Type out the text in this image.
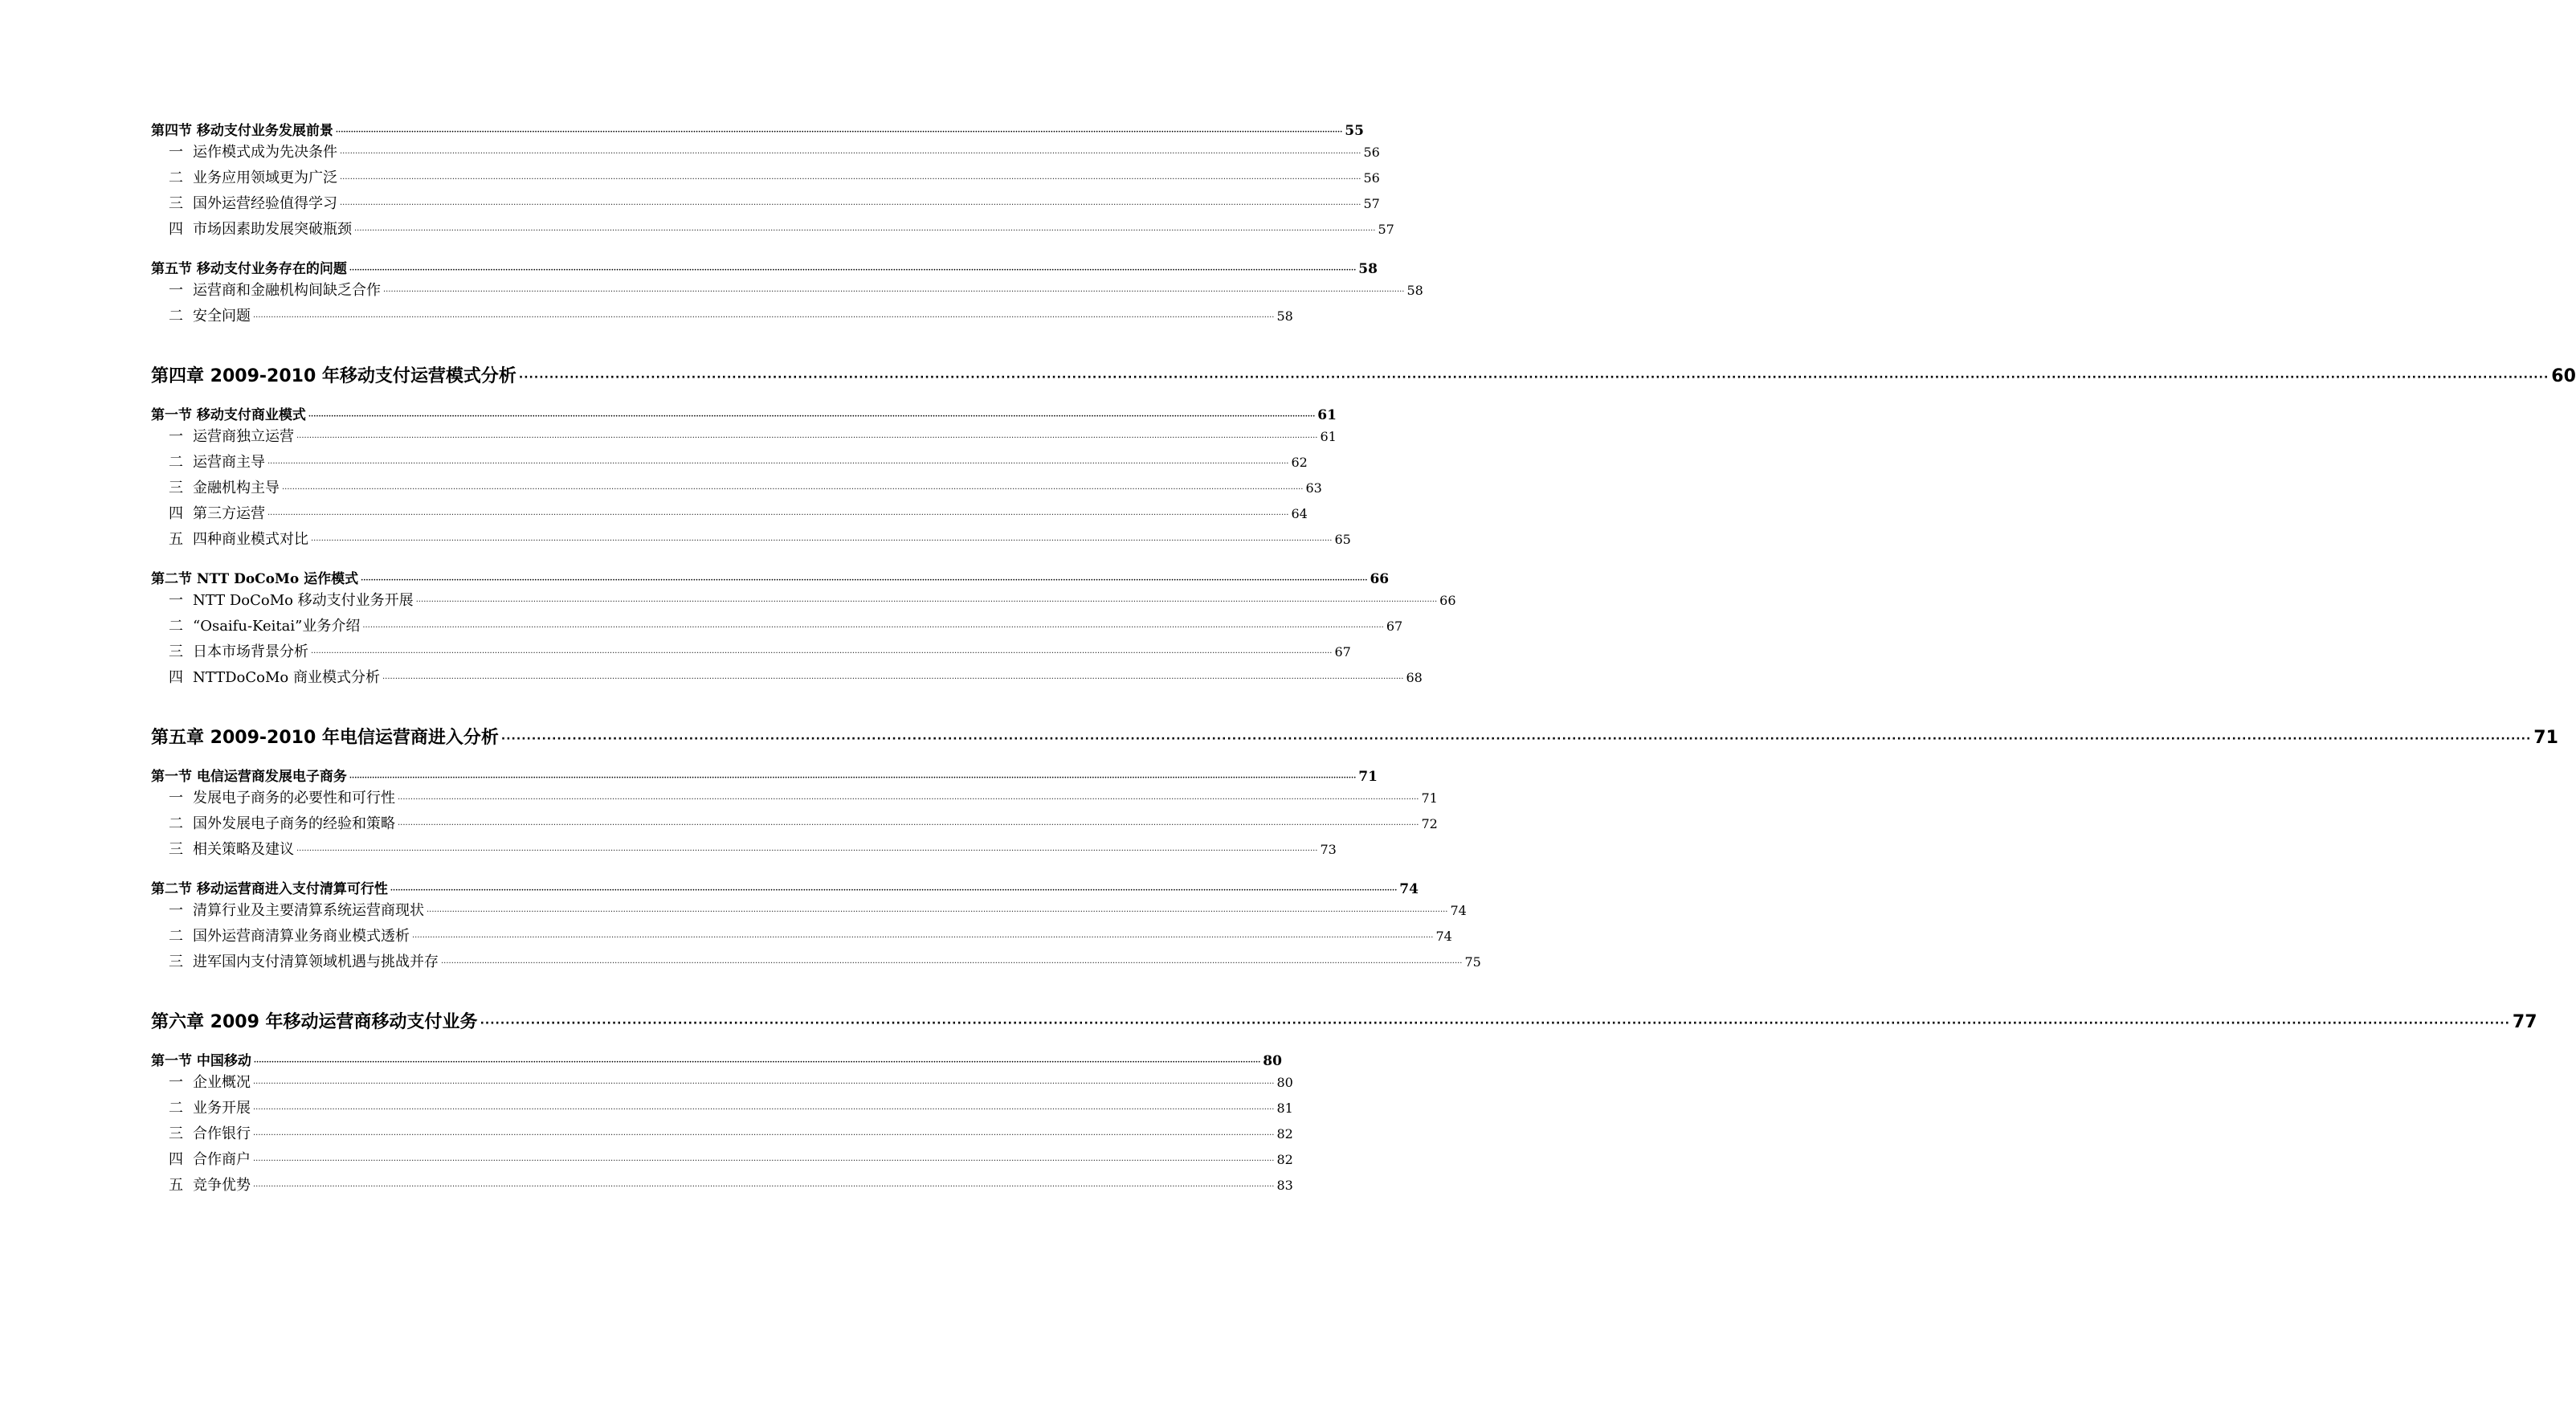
第四节 移动支付业务发展前景 ················································································································································································································································································································································································································ 55
一 运作模式成为先决条件 ················································································································································································································································································································································································································ 56
二 业务应用领域更为广泛 ················································································································································································································································································································································································································ 56
三 国外运营经验值得学习 ················································································································································································································································································································································································································ 57
四 市场因素助发展突破瓶颈 ················································································································································································································································································································································································································ 57
第五节 移动支付业务存在的问题 ················································································································································································································································································································································································································ 58
一 运营商和金融机构间缺乏合作 ················································································································································································································································································································································································································ 58
二 安全问题 ················································································································································································································································································································································································································ 58
第四章 2009-2010 年移动支付运营模式分析 ················································································································································································································································································································································································································ 60
第一节 移动支付商业模式 ················································································································································································································································································································································································································ 61
一 运营商独立运营 ················································································································································································································································································································································································································ 61
二 运营商主导 ················································································································································································································································································································································································································ 62
三 金融机构主导 ················································································································································································································································································································································································································ 63
四 第三方运营 ················································································································································································································································································································································································································ 64
五 四种商业模式对比 ················································································································································································································································································································································································································ 65
第二节 NTT DoCoMo 运作模式 ················································································································································································································································································································································································································ 66
一 NTT DoCoMo 移动支付业务开展 ················································································································································································································································································································································································································ 66
二 “Osaifu-Keitai”业务介绍 ················································································································································································································································································································································································································ 67
三 日本市场背景分析 ················································································································································································································································································································································································································ 67
四 NTTDoCoMo 商业模式分析 ················································································································································································································································································································································································································ 68
第五章 2009-2010 年电信运营商进入分析 ················································································································································································································································································································································································································ 71
第一节 电信运营商发展电子商务 ················································································································································································································································································································································································································ 71
一 发展电子商务的必要性和可行性 ················································································································································································································································································································································································································ 71
二 国外发展电子商务的经验和策略 ················································································································································································································································································································································································································ 72
三 相关策略及建议 ················································································································································································································································································································································································································ 73
第二节 移动运营商进入支付清算可行性 ················································································································································································································································································································································································································ 74
一 清算行业及主要清算系统运营商现状 ················································································································································································································································································································································································································ 74
二 国外运营商清算业务商业模式透析 ················································································································································································································································································································································································································ 74
三 进军国内支付清算领域机遇与挑战并存 ················································································································································································································································································································································································································ 75
第六章 2009 年移动运营商移动支付业务 ················································································································································································································································································································································································································ 77
第一节 中国移动 ················································································································································································································································································································································································································ 80
一 企业概况 ················································································································································································································································································································································································································ 80
二 业务开展 ················································································································································································································································································································································································································ 81
三 合作银行 ················································································································································································································································································································································································································ 82
四 合作商户 ················································································································································································································································································································································································································ 82
五 竞争优势 ················································································································································································································································································································································································································ 83
